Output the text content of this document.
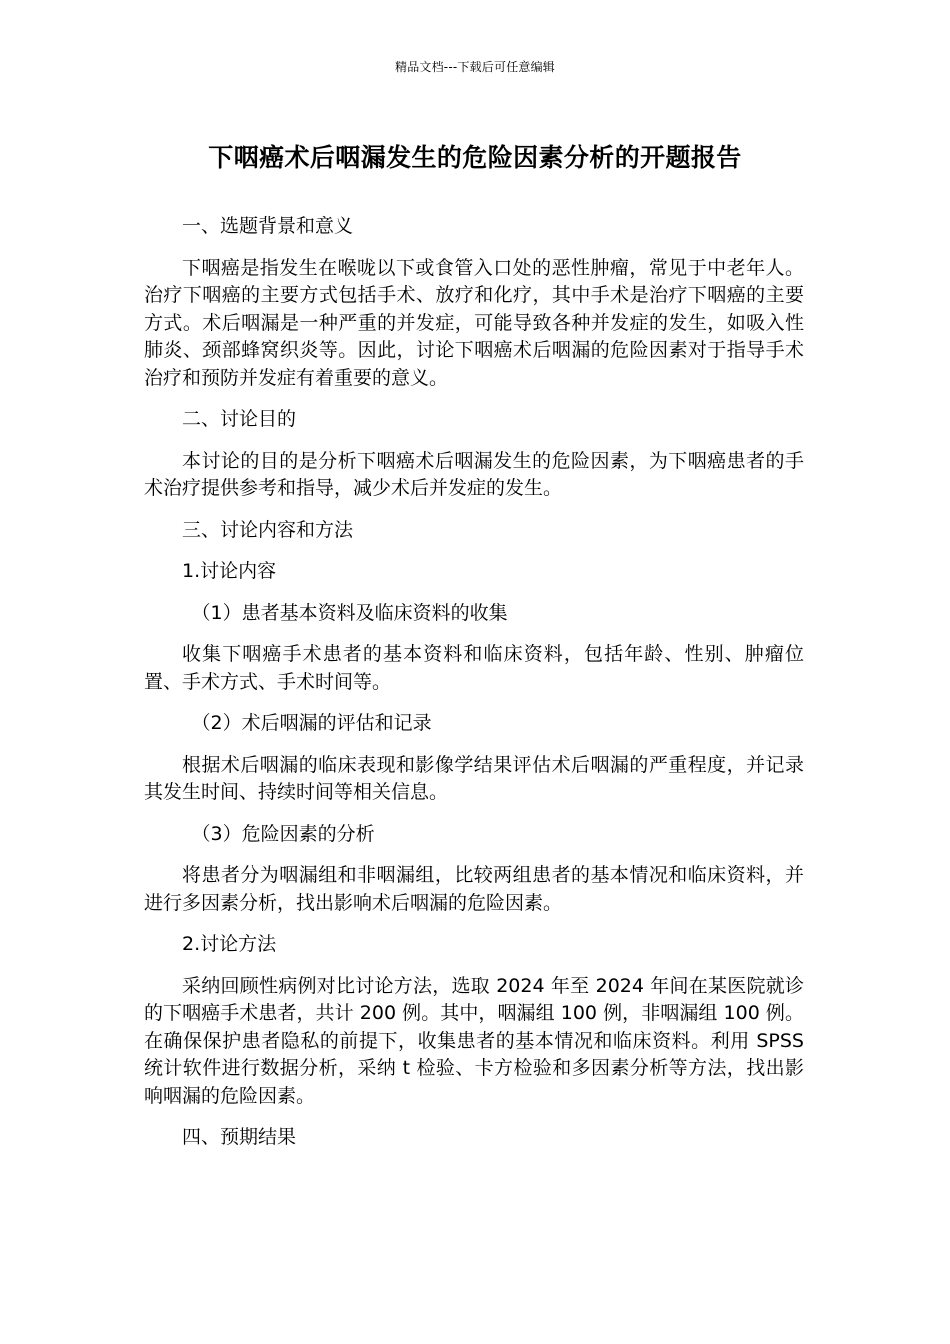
精品文档---下载后可任意编辑
下咽癌术后咽漏发生的危险因素分析的开题报告
一、选题背景和意义
下咽癌是指发生在喉咙以下或食管入口处的恶性肿瘤，常见于中老年人。治疗下咽癌的主要方式包括手术、放疗和化疗，其中手术是治疗下咽癌的主要方式。术后咽漏是一种严重的并发症，可能导致各种并发症的发生，如吸入性肺炎、颈部蜂窝织炎等。因此，讨论下咽癌术后咽漏的危险因素对于指导手术治疗和预防并发症有着重要的意义。
二、讨论目的
本讨论的目的是分析下咽癌术后咽漏发生的危险因素，为下咽癌患者的手术治疗提供参考和指导，减少术后并发症的发生。
三、讨论内容和方法
1.讨论内容
（1）患者基本资料及临床资料的收集
收集下咽癌手术患者的基本资料和临床资料，包括年龄、性别、肿瘤位置、手术方式、手术时间等。
（2）术后咽漏的评估和记录
根据术后咽漏的临床表现和影像学结果评估术后咽漏的严重程度，并记录其发生时间、持续时间等相关信息。
（3）危险因素的分析
将患者分为咽漏组和非咽漏组，比较两组患者的基本情况和临床资料，并进行多因素分析，找出影响术后咽漏的危险因素。
2.讨论方法
采纳回顾性病例对比讨论方法，选取 2024 年至 2024 年间在某医院就诊的下咽癌手术患者，共计 200 例。其中，咽漏组 100 例，非咽漏组 100 例。在确保保护患者隐私的前提下，收集患者的基本情况和临床资料。利用 SPSS 统计软件进行数据分析，采纳 t 检验、卡方检验和多因素分析等方法，找出影响咽漏的危险因素。
四、预期结果
